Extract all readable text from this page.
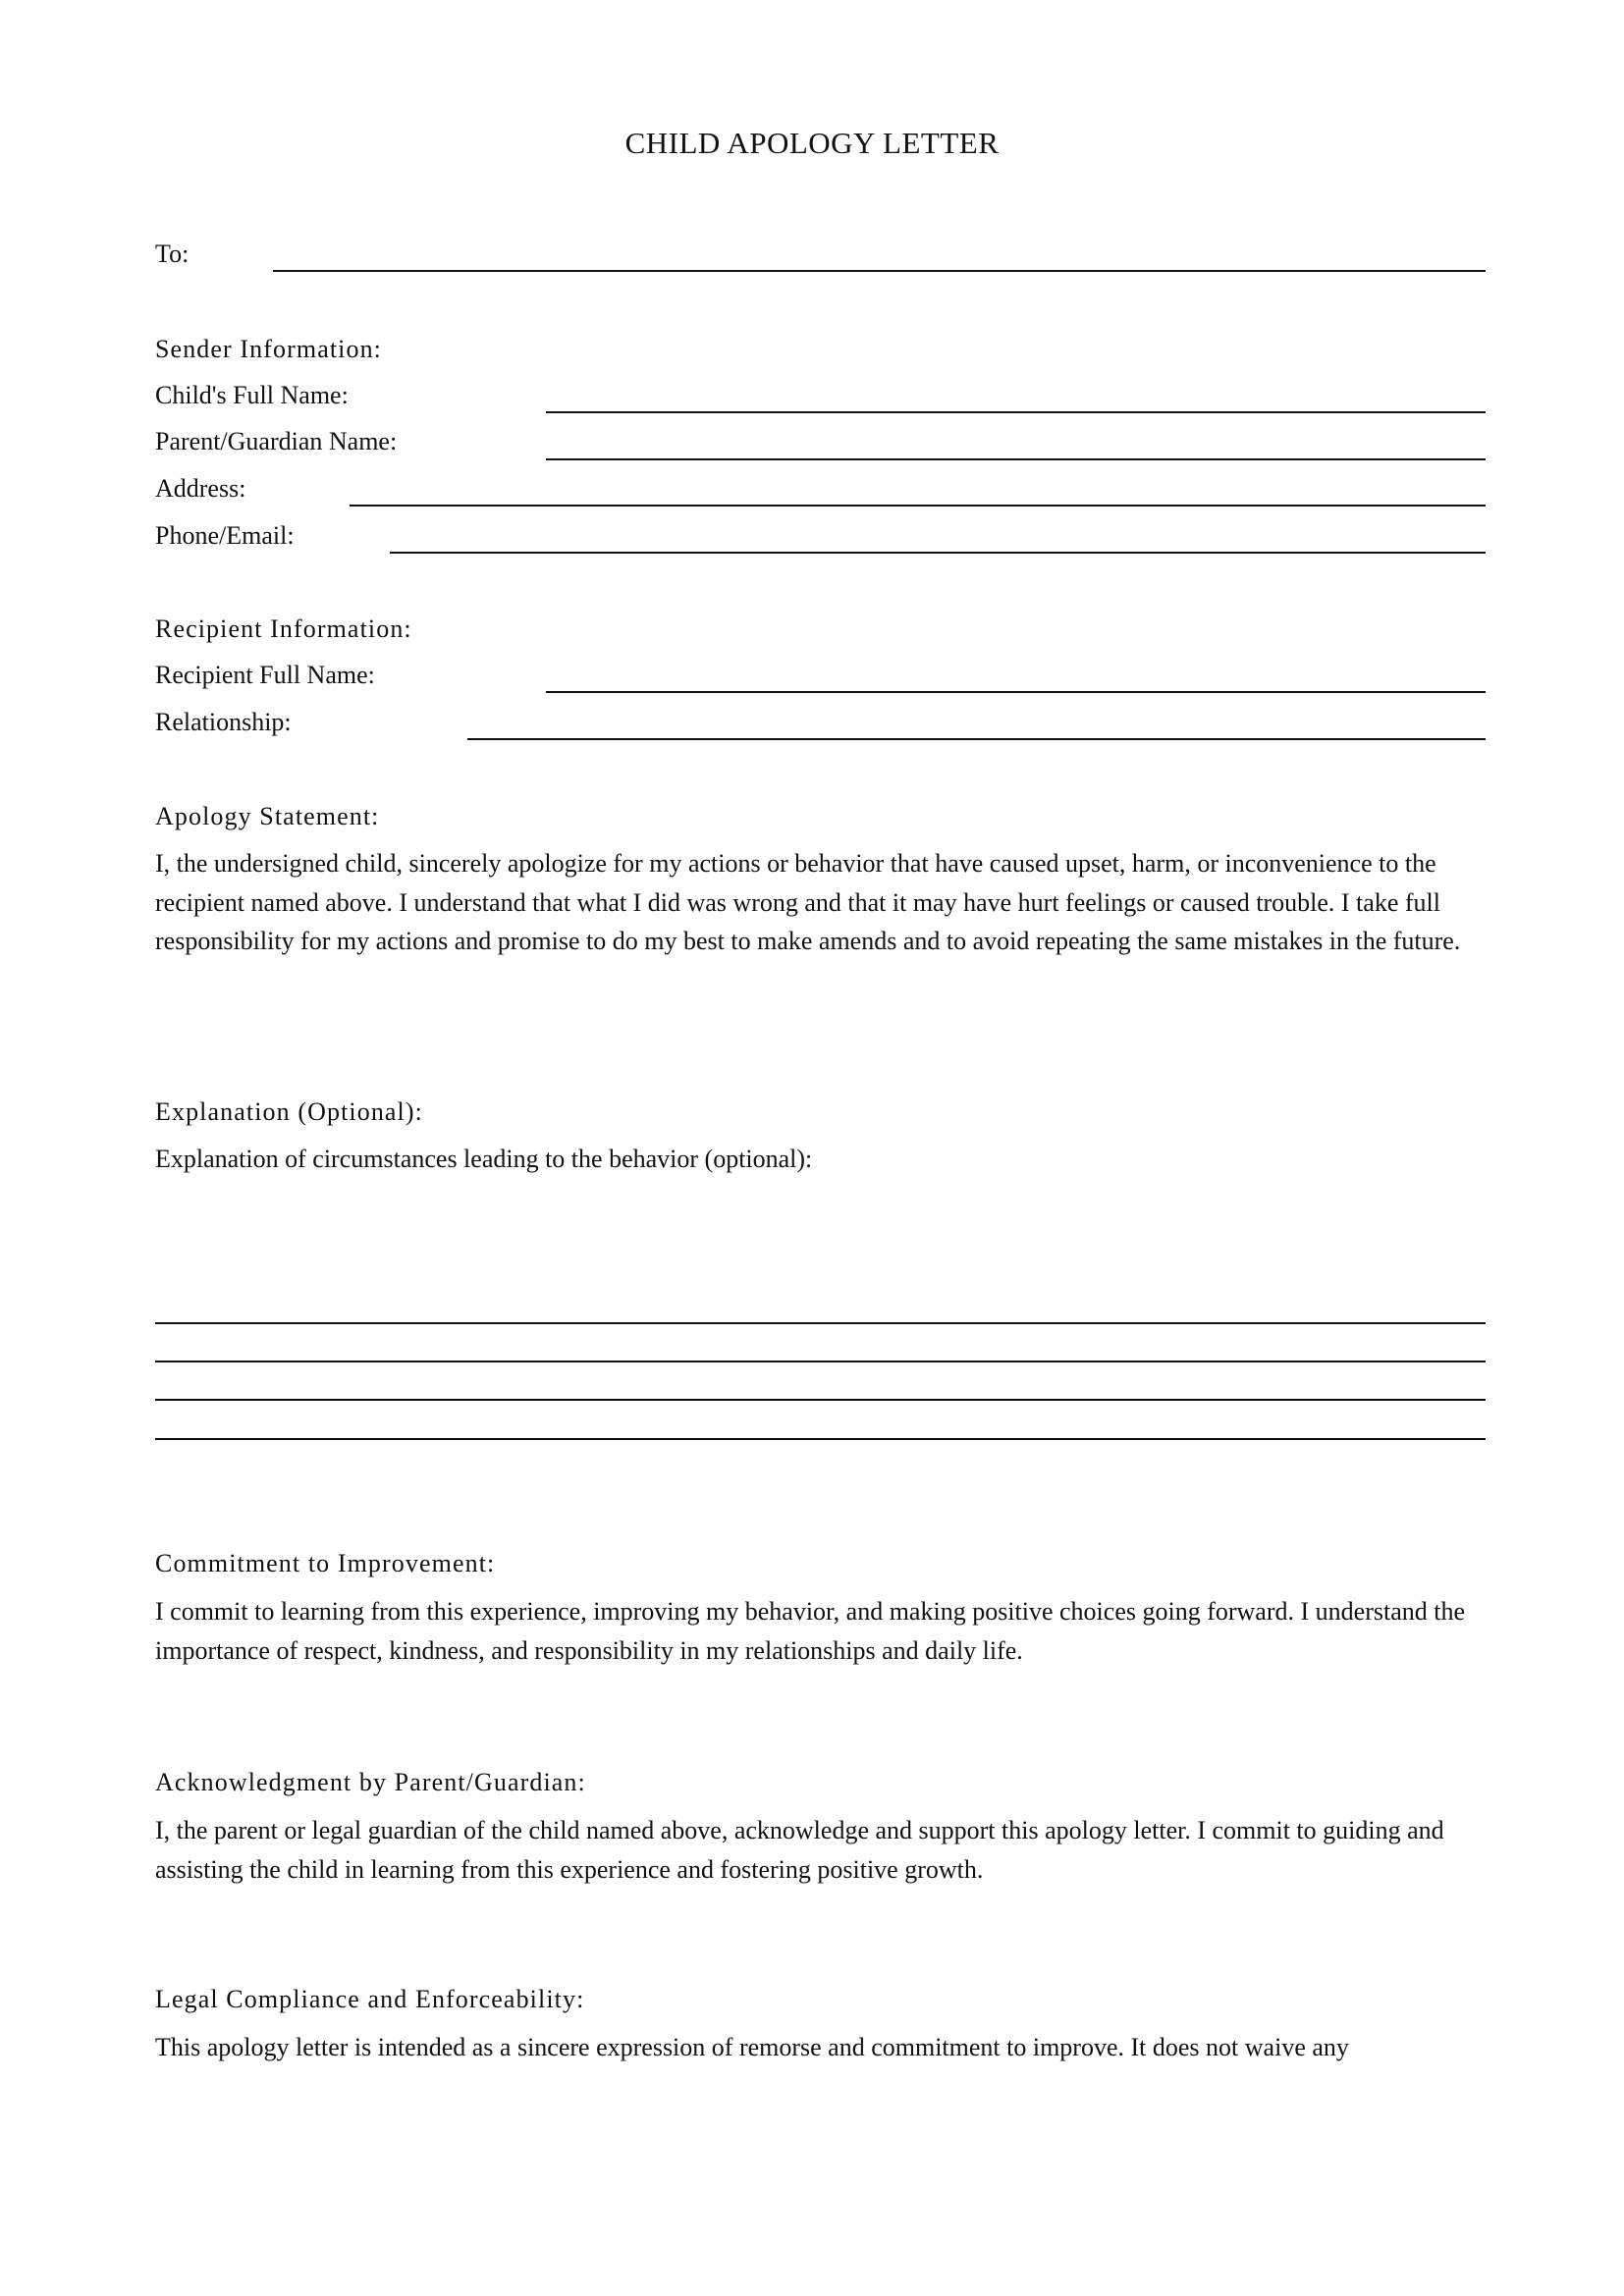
CHILD APOLOGY LETTER
To:
Sender Information:
Child's Full Name:
Parent/Guardian Name:
Address:
Phone/Email:
Recipient Information:
Recipient Full Name:
Relationship:
Apology Statement:
I, the undersigned child, sincerely apologize for my actions or behavior that have caused upset, harm, or inconvenience to the recipient named above. I understand that what I did was wrong and that it may have hurt feelings or caused trouble. I take full responsibility for my actions and promise to do my best to make amends and to avoid repeating the same mistakes in the future.
Explanation (Optional):
Explanation of circumstances leading to the behavior (optional):
Commitment to Improvement:
I commit to learning from this experience, improving my behavior, and making positive choices going forward. I understand the importance of respect, kindness, and responsibility in my relationships and daily life.
Acknowledgment by Parent/Guardian:
I, the parent or legal guardian of the child named above, acknowledge and support this apology letter. I commit to guiding and assisting the child in learning from this experience and fostering positive growth.
Legal Compliance and Enforceability:
This apology letter is intended as a sincere expression of remorse and commitment to improve. It does not waive any
